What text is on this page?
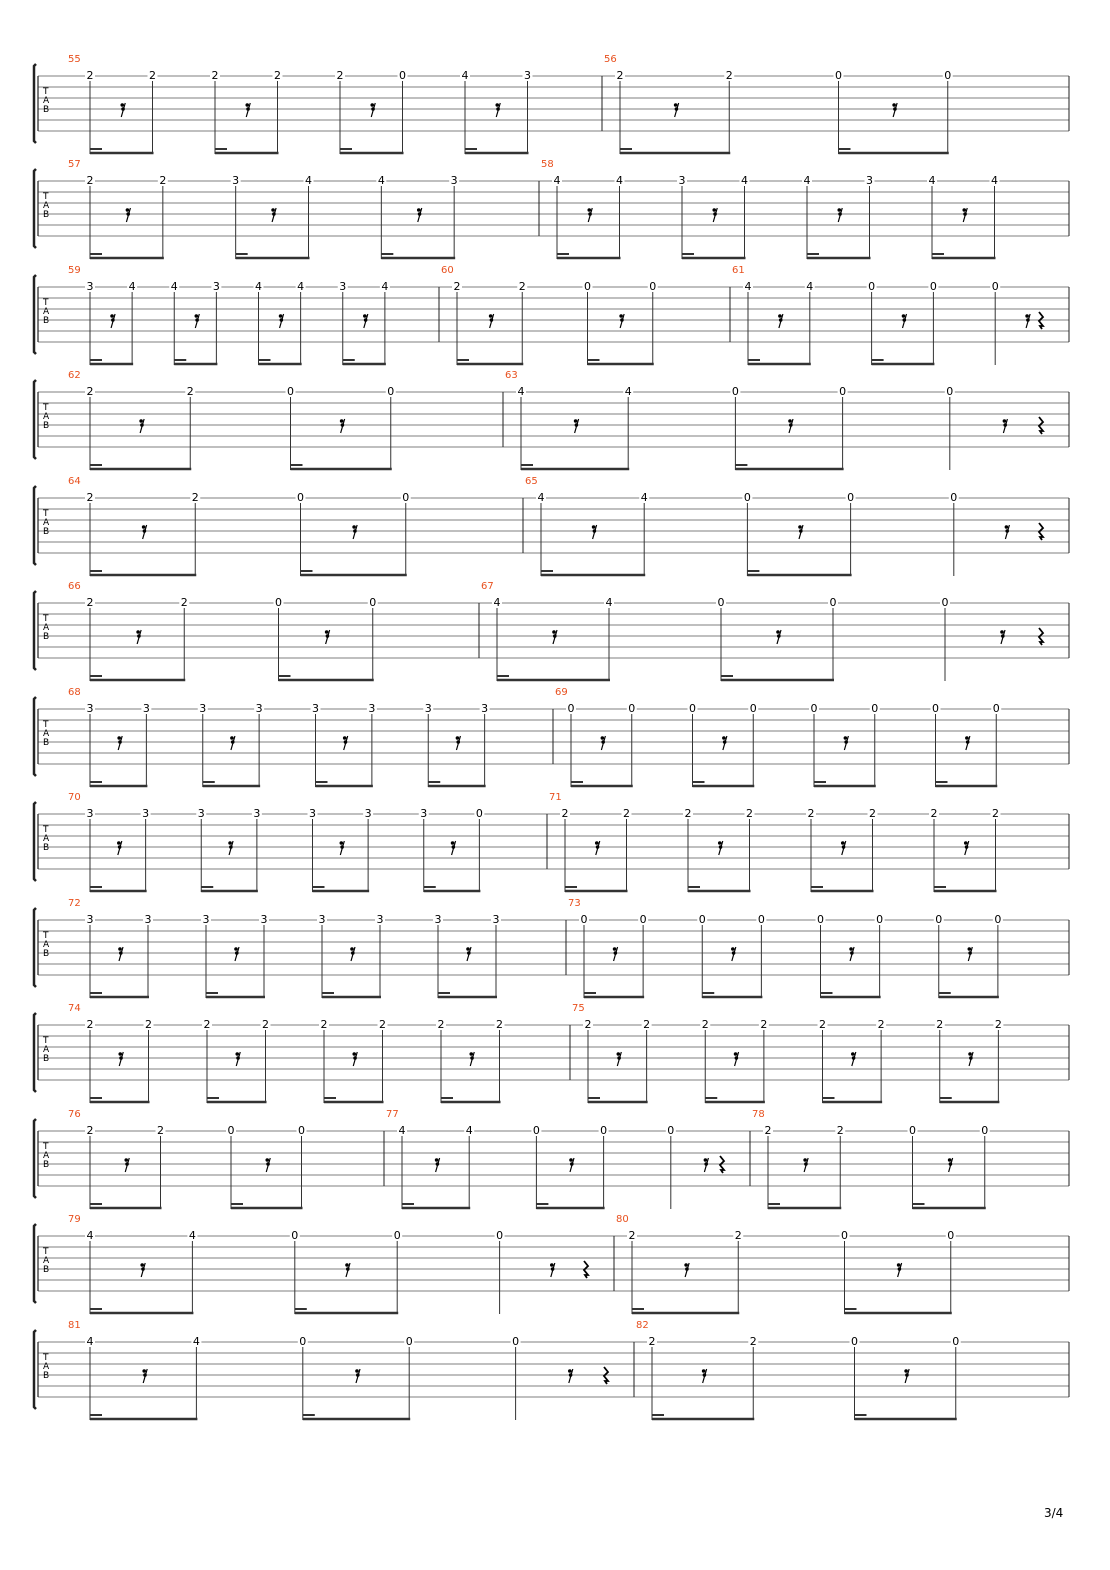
T
A
B
55
2	2	2	2	2	0	4	3
56
2	2	0	0
T
A
B
57
2	2	3	4	4	3
58
4	4	3	4	4	3	4	4
T
A
B
59
3	4	4	3	4	4	3	4
60
2	2	0	0
61
4	4	0	0	0
T
A
B
62
2	2	0	0
63
4	4	0	0	0
T
A
B
64
2	2	0	0
65
4	4	0	0	0
T
A
B
66
2	2	0	0
67
4	4	0	0	0
T
A
B
68
3	3	3	3	3	3	3	3
69
0	0	0	0	0	0	0	0
T
A
B
70
3	3	3	3	3	3	3	0
71
2	2	2	2	2	2	2	2
T
A
B
72
3	3	3	3	3	3	3	3
73
0	0	0	0	0	0	0	0
T
A
B
74
2	2	2	2	2	2	2	2
75
2	2	2	2	2	2	2	2
T
A
B
76
2	2	0	0
77
4	4	0	0	0
78
2	2	0	0
T
A
B
79
4	4	0	0	0
80
2	2	0	0
T
A
B
81
4	4	0	0	0
82
2	2	0	0
3/4
